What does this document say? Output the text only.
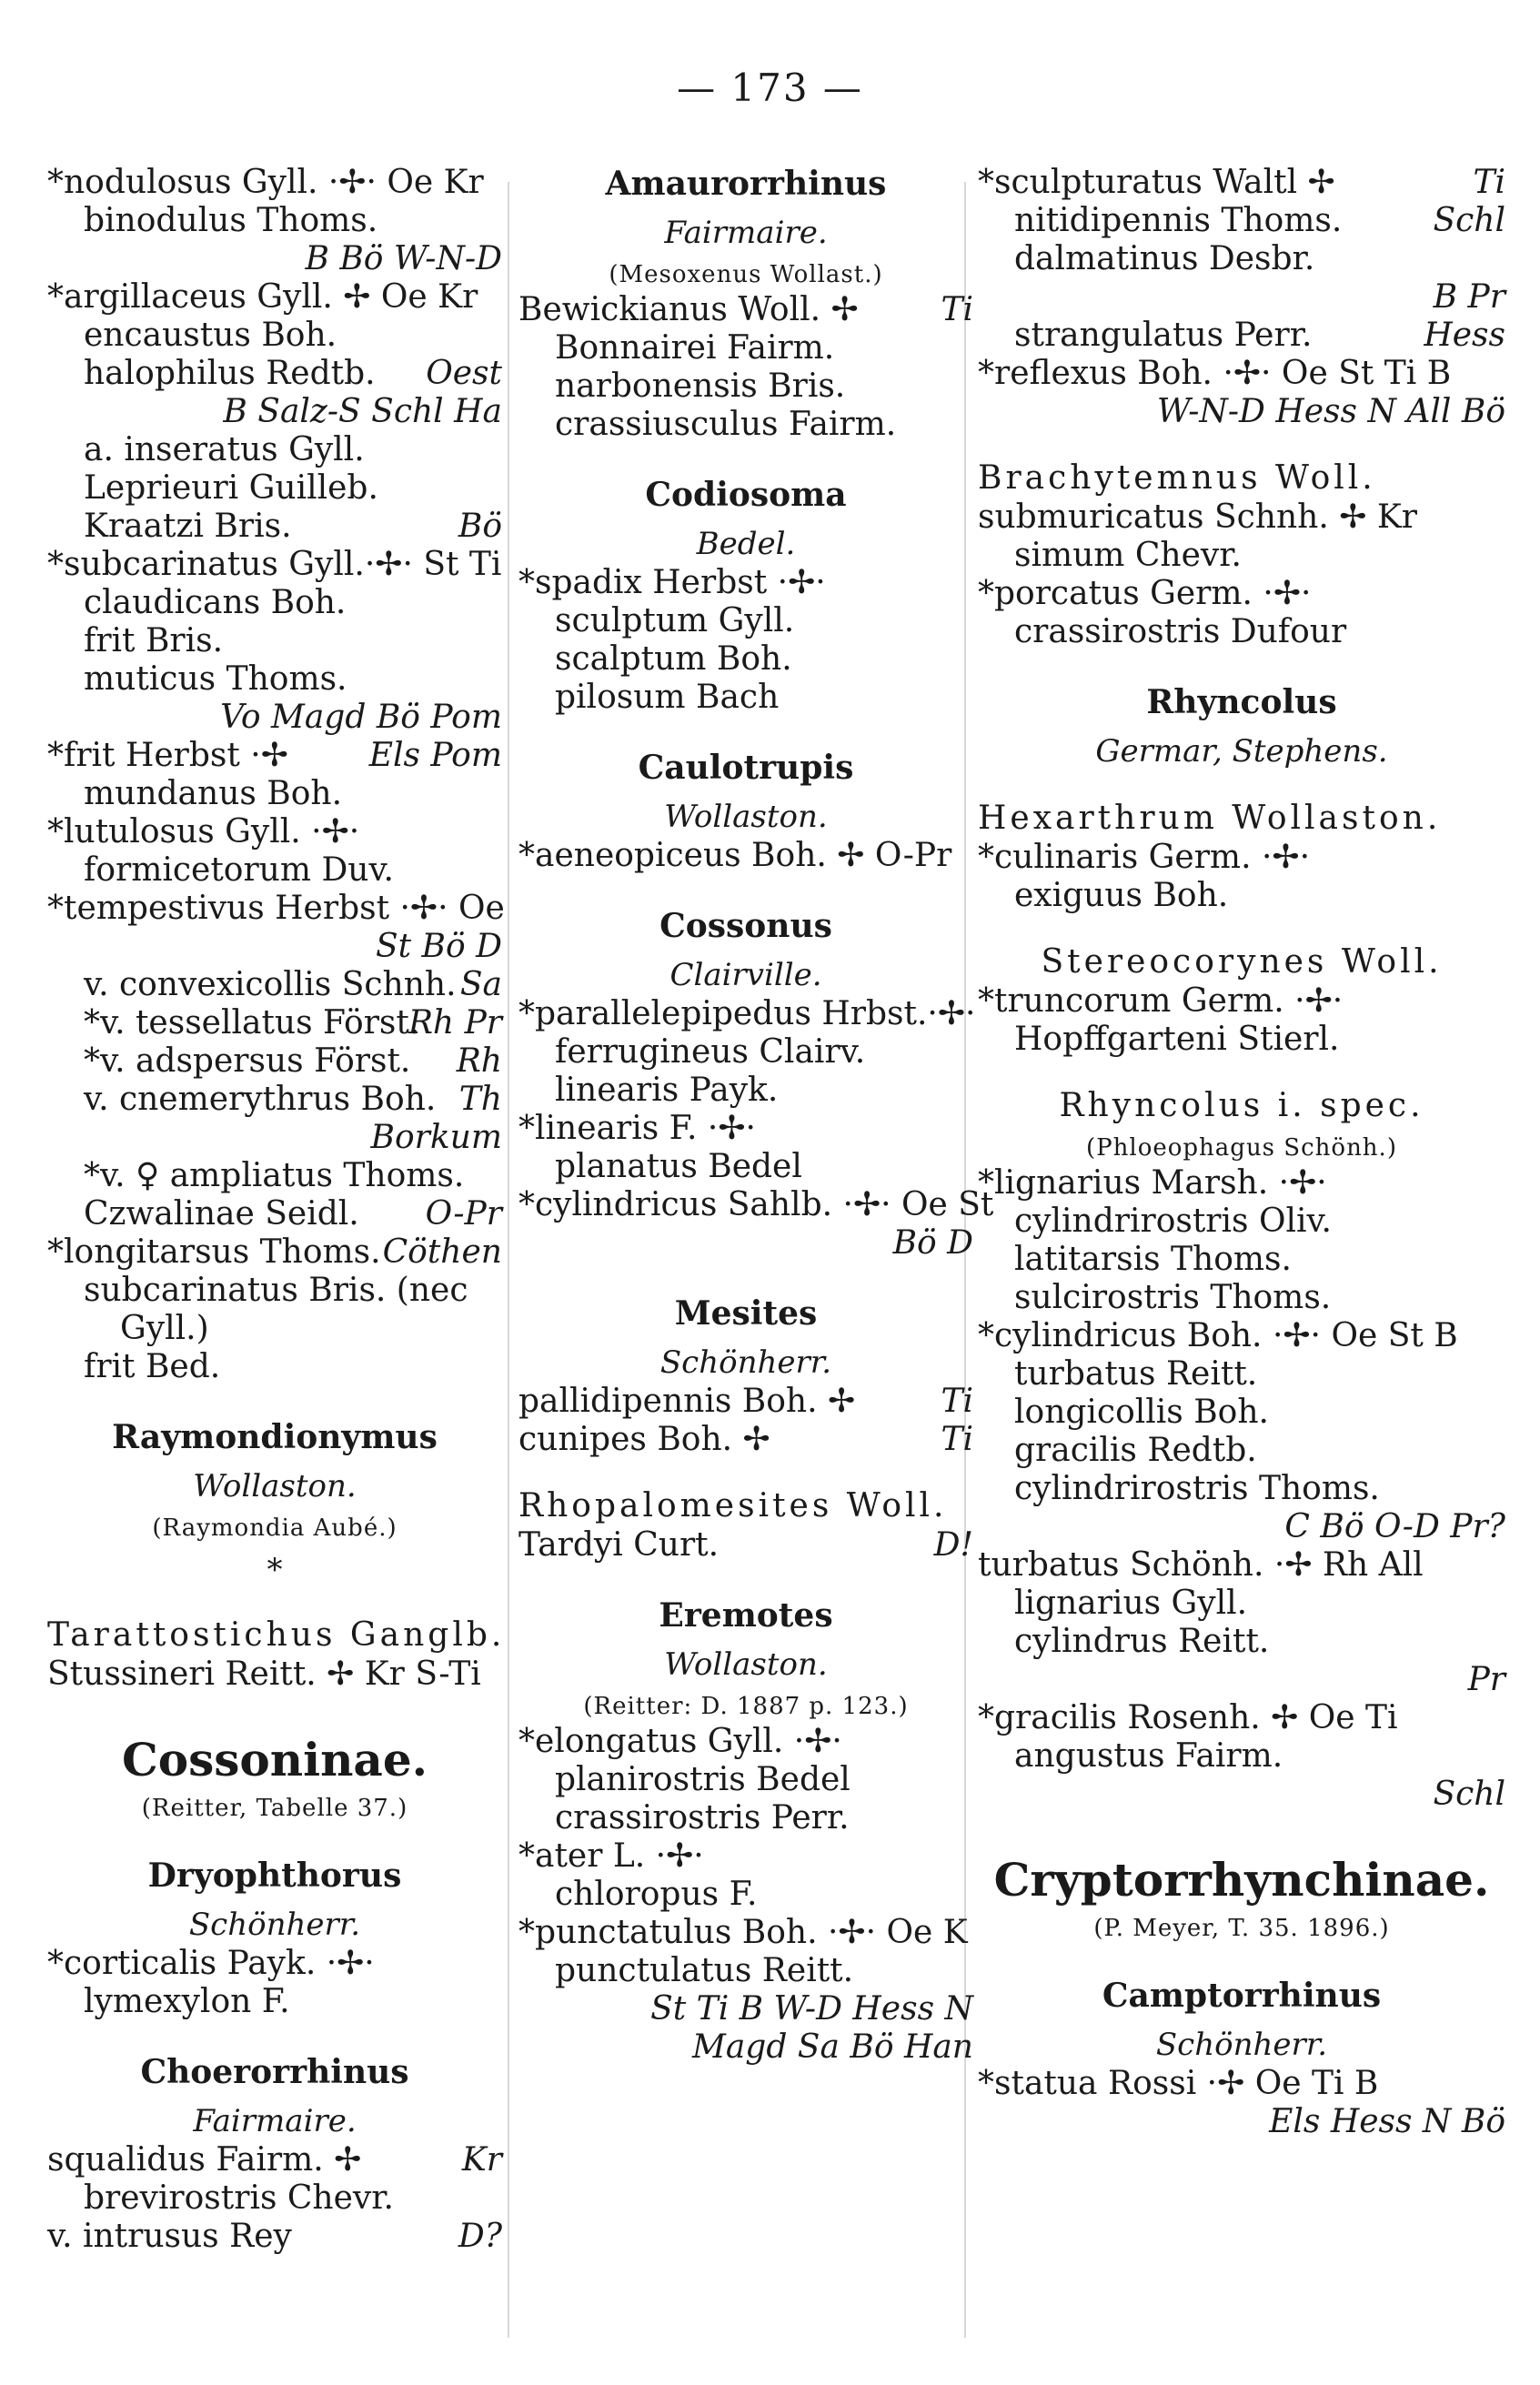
— 173 —
*nodulosus Gyll. ·✢· Oe Kr
binodulus Thoms.
B Bö W-N-D
*argillaceus Gyll. ✢ Oe Kr
encaustus Boh.
halophilus Redtb. Oest
B Salz-S Schl Ha
a. inseratus Gyll.
Leprieuri Guilleb.
Kraatzi Bris.	Bö
*subcarinatus Gyll.·✢· St Ti
claudicans Boh.
frit Bris.
muticus Thoms.
Vo Magd Bö Pom
*frit Herbst ·✢ Els Pom
mundanus Boh.
*lutulosus Gyll. ·✢·
formicetorum Duv.
*tempestivus Herbst ·✢· Oe
St Bö D
v. convexicollis Schnh. Sa
*v. tessellatus Först.
Rh Pr
*v. adspersus Först. Rh
v. cnemerythrus Boh. Th
Borkum
*v. ♀ ampliatus Thoms.
Czwalinae Seidl. O-Pr
*longitarsus Thoms. Cöthen
subcarinatus Bris. (nec
Gyll.)
frit Bed.
Raymondionymus
Wollaston.
(Raymondia Aubé.)
*
Tarattostichus Ganglb.
Stussineri Reitt. ✢ Kr S-Ti
Cossoninae.
(Reitter, Tabelle 37.)
Dryophthorus
Schönherr.
*corticalis Payk. ·✢·
lymexylon F.
Choerorrhinus
Fairmaire.
squalidus Fairm. ✢	Kr
brevirostris Chevr.
v. intrusus Rey	D?
Amaurorrhinus
Fairmaire.
(Mesoxenus Wollast.)
Bewickianus Woll. ✢	Ti
Bonnairei Fairm.
narbonensis Bris.
crassiusculus Fairm.
Codiosoma
Bedel.
*spadix Herbst ·✢·
sculptum Gyll.
scalptum Boh.
pilosum Bach
Caulotrupis
Wollaston.
*aeneopiceus Boh. ✢ O-Pr
Cossonus
Clairville.
*parallelepipedus Hrbst.·✢·
ferrugineus Clairv.
linearis Payk.
*linearis F. ·✢·
planatus Bedel
*cylindricus Sahlb. ·✢· Oe St
Bö D
Mesites
Schönherr.
pallidipennis Boh. ✢	Ti
cunipes Boh. ✢	Ti
Rhopalomesites Woll.
Tardyi Curt.	D!
Eremotes
Wollaston.
(Reitter: D. 1887 p. 123.)
*elongatus Gyll. ·✢·
planirostris Bedel
crassirostris Perr.
*ater L. ·✢·
chloropus F.
*punctatulus Boh. ·✢· Oe K
punctulatus Reitt.
St Ti B W-D Hess N
Magd Sa Bö Han
*sculpturatus Waltl ✢	Ti
nitidipennis Thoms.	Schl
dalmatinus Desbr.
B Pr
strangulatus Perr.	Hess
*reflexus Boh. ·✢· Oe St Ti B
W-N-D Hess N All Bö
Brachytemnus Woll.
submuricatus Schnh. ✢ Kr
simum Chevr.
*porcatus Germ. ·✢·
crassirostris Dufour
Rhyncolus
Germar, Stephens.
Hexarthrum Wollaston.
*culinaris Germ. ·✢·
exiguus Boh.
Stereocorynes Woll.
*truncorum Germ. ·✢·
Hopffgarteni Stierl.
Rhyncolus i. spec.
(Phloeophagus Schönh.)
*lignarius Marsh. ·✢·
cylindrirostris Oliv.
latitarsis Thoms.
sulcirostris Thoms.
*cylindricus Boh. ·✢· Oe St B
turbatus Reitt.
longicollis Boh.
gracilis Redtb.
cylindrirostris Thoms.
C Bö O-D Pr?
turbatus Schönh. ·✢ Rh All
lignarius Gyll.
cylindrus Reitt.
Pr
*gracilis Rosenh. ✢ Oe Ti
angustus Fairm.
Schl
Cryptorrhynchinae.
(P. Meyer, T. 35. 1896.)
Camptorrhinus
Schönherr.
*statua Rossi ·✢ Oe Ti B
Els Hess N Bö
